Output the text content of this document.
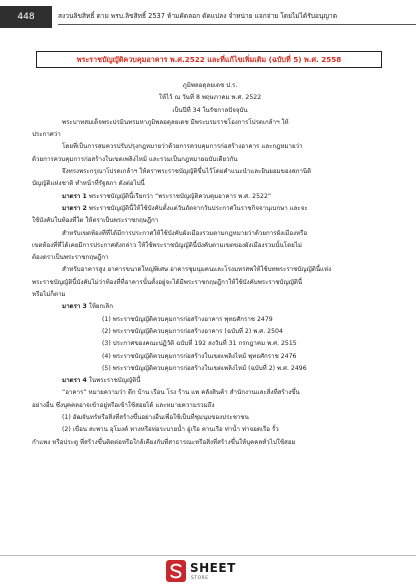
448	สงวนลิขสิทธิ์ ตาม พรบ.ลิขสิทธิ์ 2537 ห้ามคัดลอก ดัดแปลง จำหน่าย แจกจ่าย โดยไม่ได้รับอนุญาต
พระราชบัญญัติควบคุมอาคาร พ.ศ.2522 และที่แก้ไขเพิ่มเติม (ฉบับที่ 5) พ.ศ. 2558

ภูมิพลอดุลยเดช ป.ร.

ให้ไว้ ณ วันที่ 8 พฤษภาคม พ.ศ. 2522

เป็นปีที่ 34 ในรัชกาลปัจจุบัน

พระบาทสมเด็จพระปรมินทรมหาภูมิพลอดุลยเดช มีพระบรมราชโองการโปรดเกล้าฯ ให้

ประกาศว่า

โดยที่เป็นการสมควรปรับปรุงกฎหมายว่าด้วยการควบคุมการก่อสร้างอาคาร และกฎหมายว่า

ด้วยการควบคุมการก่อสร้างในเขตเพลิงไหม้ และรวมเป็นกฎหมายฉบับเดียวกัน

จึงทรงพระกรุณาโปรดเกล้าฯ ให้ตราพระราชบัญญัติขึ้นไว้โดยคำแนะนำและยินยอมของสภานิติ

บัญญัติแห่งชาติ ทำหน้าที่รัฐสภา ดังต่อไปนี้

มาตรา 1 พระราชบัญญัตินี้เรียกว่า “พระราชบัญญัติควบคุมอาคาร พ.ศ. 2522”

มาตรา 2 พระราชบัญญัตินี้ให้ใช้บังคับตั้งแต่วันถัดจากวันประกาศในราชกิจจานุเบกษา และจะ

ใช้บังคับในท้องที่ใด ให้ตราเป็นพระราชกฤษฎีกา

สำหรับเขตท้องที่ที่ได้มีการประกาศให้ใช้บังคับผังเมืองรวมตามกฎหมายว่าด้วยการผังเมืองหรือ

เขตท้องที่ที่ได้เคยมีการประกาศดังกล่าว ให้ใช้พระราชบัญญัตินี้บังคับตามเขตของผังเมืองรวมนั้นโดยไม่

ต้องตราเป็นพระราชกฤษฎีกา

สำหรับอาคารสูง อาคารขนาดใหญ่พิเศษ อาคารชุมนุมคนและโรงมหรสพให้ใช้บทพระราชบัญญัตินี้แห่ง

พระราชบัญญัตินี้บังคับไม่ว่าท้องที่ที่อาคารนั้นตั้งอยู่จะได้มีพระราชกฤษฎีกาให้ใช้บังคับพระราชบัญญัตินี้

หรือไม่ก็ตาม

มาตรา 3 ให้ยกเลิก

(1) พระราชบัญญัติควบคุมการก่อสร้างอาคาร พุทธศักราช 2479

(2) พระราชบัญญัติควบคุมการก่อสร้างอาคาร (ฉบับที่ 2) พ.ศ. 2504

(3) ประกาศของคณะปฏิวัติ ฉบับที่ 192 ลงวันที่ 31 กรกฎาคม พ.ศ. 2515

(4) พระราชบัญญัติควบคุมการก่อสร้างในเขตเพลิงไหม้ พุทธศักราช 2476

(5) พระราชบัญญัติควบคุมการก่อสร้างในเขตเพลิงไหม้ (ฉบับที่ 2) พ.ศ. 2496

มาตรา 4 ในพระราชบัญญัตินี้

“อาคาร” หมายความว่า ตึก บ้าน เรือน โรง ร้าน แพ คลังสินค้า สำนักงานและสิ่งที่สร้างขึ้น

อย่างอื่น ซึ่งบุคคลอาจเข้าอยู่หรือเข้าใช้สอยได้ และหมายความรวมถึง

(1) อัฒจันทร์หรือสิ่งที่สร้างขึ้นอย่างอื่นเพื่อใช้เป็นที่ชุมนุมของประชาชน

(2) เขื่อน สะพาน อุโมงค์ ทางหรือท่อระบายน้ำ อู่เรือ คานเรือ ท่าน้ำ ท่าจอดเรือ รั้ว

กำแพง หรือประตู ที่สร้างขึ้นติดต่อหรือใกล้เคียงกับที่สาธารณะหรือสิ่งที่สร้างขึ้นให้บุคคลทั่วไปใช้สอย

SHEET
STORE
